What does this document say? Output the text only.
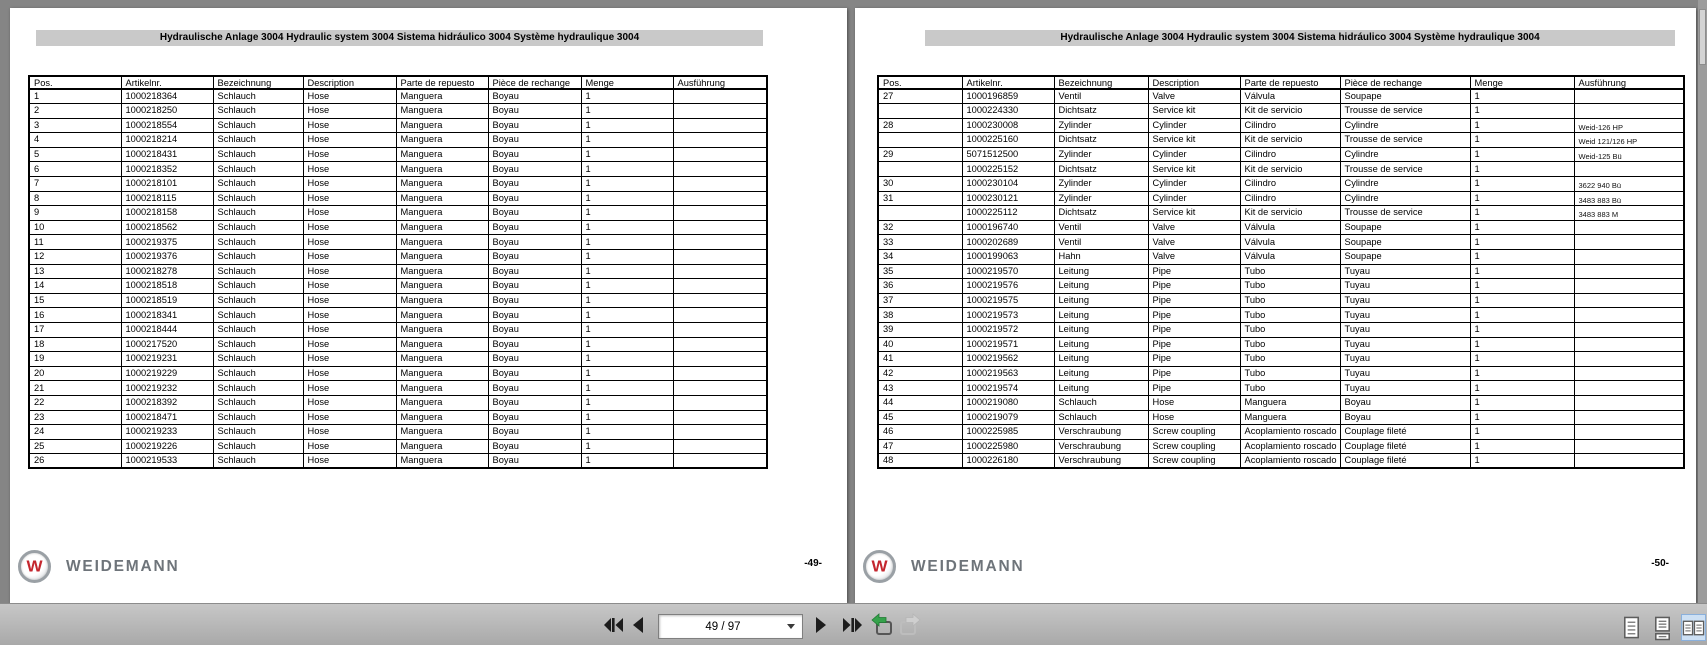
Hydraulische Anlage 3004 Hydraulic system 3004 Sistema hidráulico 3004 Système hydraulique 3004
Pos.	Artikelnr.	Bezeichnung	Description	Parte de repuesto	Pièce de rechange	Menge	Ausführung
1	1000218364	Schlauch	Hose	Manguera	Boyau	1	
2	1000218250	Schlauch	Hose	Manguera	Boyau	1	
3	1000218554	Schlauch	Hose	Manguera	Boyau	1	
4	1000218214	Schlauch	Hose	Manguera	Boyau	1	
5	1000218431	Schlauch	Hose	Manguera	Boyau	1	
6	1000218352	Schlauch	Hose	Manguera	Boyau	1	
7	1000218101	Schlauch	Hose	Manguera	Boyau	1	
8	1000218115	Schlauch	Hose	Manguera	Boyau	1	
9	1000218158	Schlauch	Hose	Manguera	Boyau	1	
10	1000218562	Schlauch	Hose	Manguera	Boyau	1	
11	1000219375	Schlauch	Hose	Manguera	Boyau	1	
12	1000219376	Schlauch	Hose	Manguera	Boyau	1	
13	1000218278	Schlauch	Hose	Manguera	Boyau	1	
14	1000218518	Schlauch	Hose	Manguera	Boyau	1	
15	1000218519	Schlauch	Hose	Manguera	Boyau	1	
16	1000218341	Schlauch	Hose	Manguera	Boyau	1	
17	1000218444	Schlauch	Hose	Manguera	Boyau	1	
18	1000217520	Schlauch	Hose	Manguera	Boyau	1	
19	1000219231	Schlauch	Hose	Manguera	Boyau	1	
20	1000219229	Schlauch	Hose	Manguera	Boyau	1	
21	1000219232	Schlauch	Hose	Manguera	Boyau	1	
22	1000218392	Schlauch	Hose	Manguera	Boyau	1	
23	1000218471	Schlauch	Hose	Manguera	Boyau	1	
24	1000219233	Schlauch	Hose	Manguera	Boyau	1	
25	1000219226	Schlauch	Hose	Manguera	Boyau	1	
26	1000219533	Schlauch	Hose	Manguera	Boyau	1	
W WEIDEMANN	-49-
Hydraulische Anlage 3004 Hydraulic system 3004 Sistema hidráulico 3004 Système hydraulique 3004
Pos.	Artikelnr.	Bezeichnung	Description	Parte de repuesto	Pièce de rechange	Menge	Ausführung
27	1000196859	Ventil	Valve	Válvula	Soupape	1	
	1000224330	Dichtsatz	Service kit	Kit de servicio	Trousse de service	1	
28	1000230008	Zylinder	Cylinder	Cilindro	Cylindre	1	Weid-126 HP
	1000225160	Dichtsatz	Service kit	Kit de servicio	Trousse de service	1	Weid 121/126 HP
29	5071512500	Zylinder	Cylinder	Cilindro	Cylindre	1	Weid-125 Bü
	1000225152	Dichtsatz	Service kit	Kit de servicio	Trousse de service	1	
30	1000230104	Zylinder	Cylinder	Cilindro	Cylindre	1	3622 940 Bü
31	1000230121	Zylinder	Cylinder	Cilindro	Cylindre	1	3483 883 Bü
	1000225112	Dichtsatz	Service kit	Kit de servicio	Trousse de service	1	3483 883 M
32	1000196740	Ventil	Valve	Válvula	Soupape	1	
33	1000202689	Ventil	Valve	Válvula	Soupape	1	
34	1000199063	Hahn	Valve	Válvula	Soupape	1	
35	1000219570	Leitung	Pipe	Tubo	Tuyau	1	
36	1000219576	Leitung	Pipe	Tubo	Tuyau	1	
37	1000219575	Leitung	Pipe	Tubo	Tuyau	1	
38	1000219573	Leitung	Pipe	Tubo	Tuyau	1	
39	1000219572	Leitung	Pipe	Tubo	Tuyau	1	
40	1000219571	Leitung	Pipe	Tubo	Tuyau	1	
41	1000219562	Leitung	Pipe	Tubo	Tuyau	1	
42	1000219563	Leitung	Pipe	Tubo	Tuyau	1	
43	1000219574	Leitung	Pipe	Tubo	Tuyau	1	
44	1000219080	Schlauch	Hose	Manguera	Boyau	1	
45	1000219079	Schlauch	Hose	Manguera	Boyau	1	
46	1000225985	Verschraubung	Screw coupling	Acoplamiento roscado	Couplage fileté	1	
47	1000225980	Verschraubung	Screw coupling	Acoplamiento roscado	Couplage fileté	1	
48	1000226180	Verschraubung	Screw coupling	Acoplamiento roscado	Couplage fileté	1	
W WEIDEMANN	-50-
49 / 97
